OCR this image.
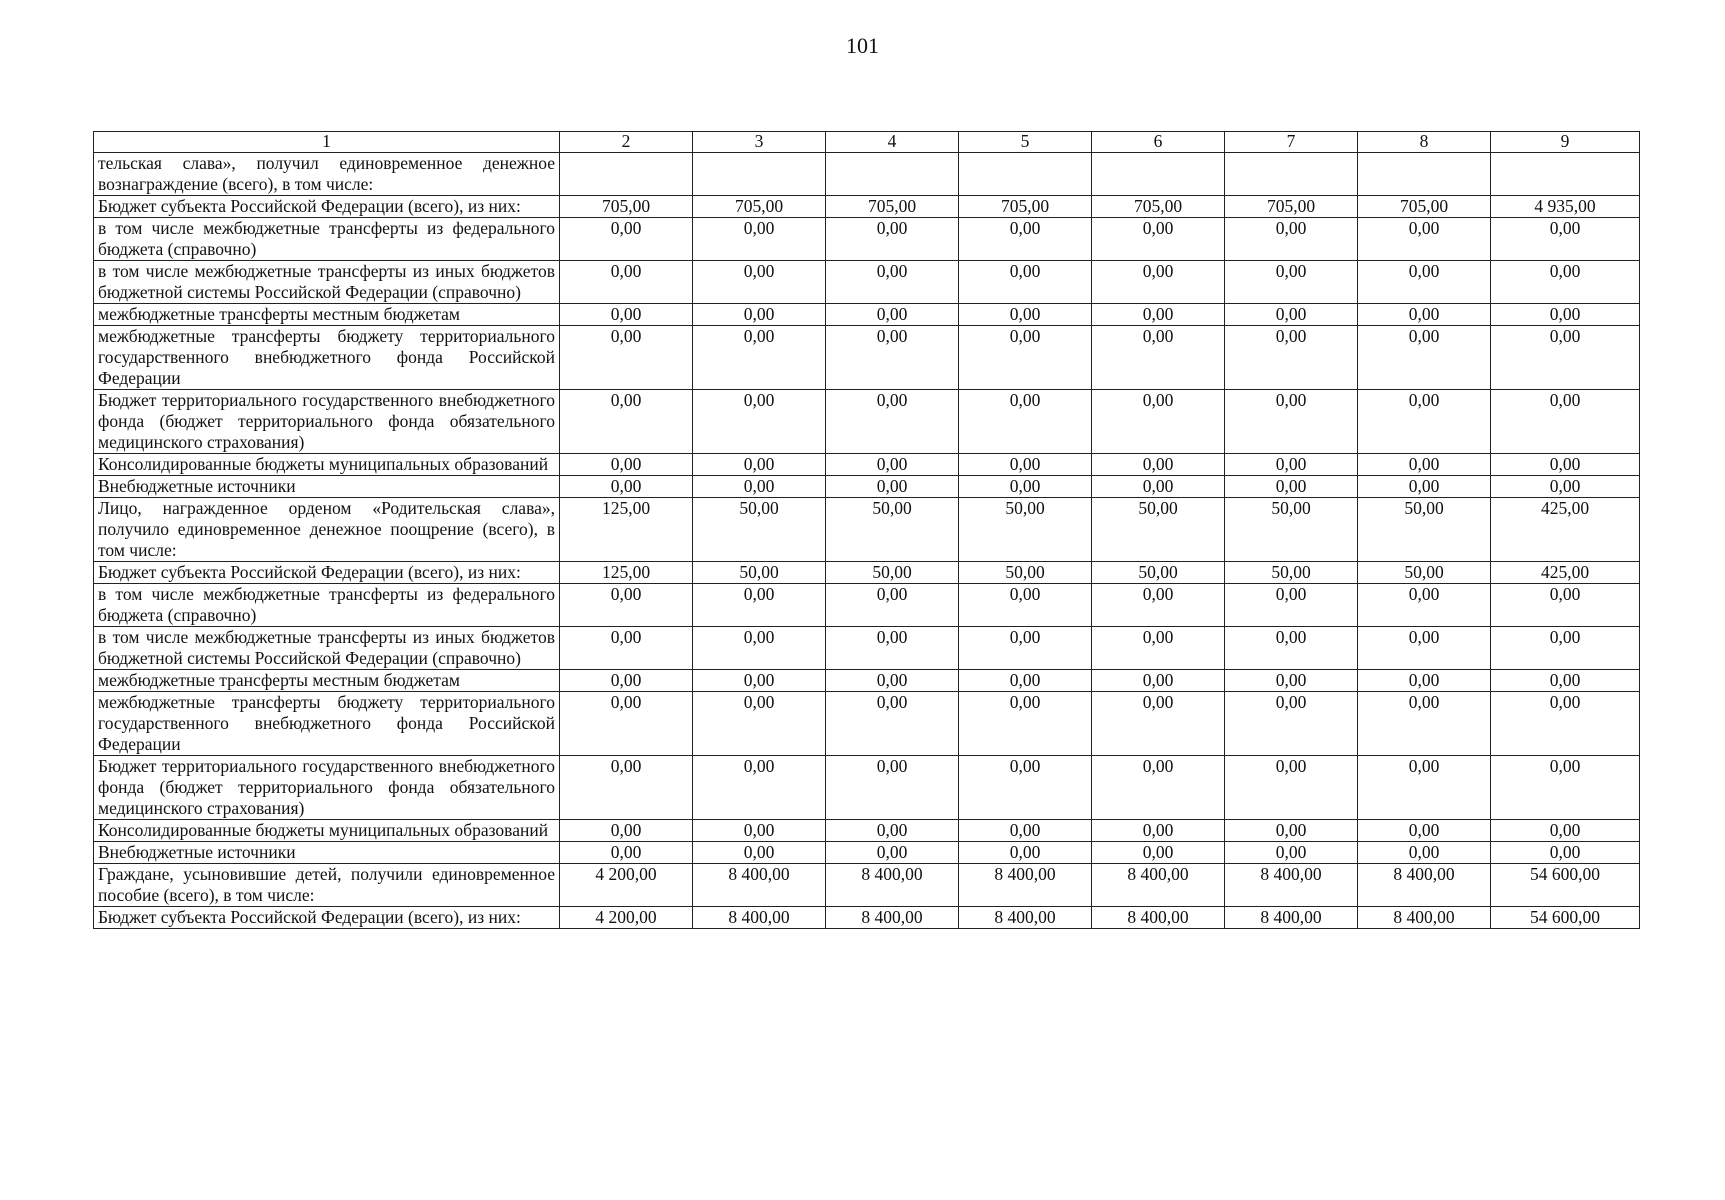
101
1	2	3	4	5	6	7	8	9
тельская слава», получил единовременное денежное вознаграждение (всего), в том числе:								
Бюджет субъекта Российской Федерации (всего), из них:	705,00	705,00	705,00	705,00	705,00	705,00	705,00	4 935,00
в том числе межбюджетные трансферты из федерального бюджета (справочно)	0,00	0,00	0,00	0,00	0,00	0,00	0,00	0,00
в том числе межбюджетные трансферты из иных бюджетов бюджетной системы Российской Федерации (справочно)	0,00	0,00	0,00	0,00	0,00	0,00	0,00	0,00
межбюджетные трансферты местным бюджетам	0,00	0,00	0,00	0,00	0,00	0,00	0,00	0,00
межбюджетные трансферты бюджету территориального государственного внебюджетного фонда Российской Федерации	0,00	0,00	0,00	0,00	0,00	0,00	0,00	0,00
Бюджет территориального государственного внебюджетного фонда (бюджет территориального фонда обязательного медицинского страхования)	0,00	0,00	0,00	0,00	0,00	0,00	0,00	0,00
Консолидированные бюджеты муниципальных образований	0,00	0,00	0,00	0,00	0,00	0,00	0,00	0,00
Внебюджетные источники	0,00	0,00	0,00	0,00	0,00	0,00	0,00	0,00
Лицо, награжденное орденом «Родительская слава», получило единовременное денежное поощрение (всего), в том числе:	125,00	50,00	50,00	50,00	50,00	50,00	50,00	425,00
Бюджет субъекта Российской Федерации (всего), из них:	125,00	50,00	50,00	50,00	50,00	50,00	50,00	425,00
в том числе межбюджетные трансферты из федерального бюджета (справочно)	0,00	0,00	0,00	0,00	0,00	0,00	0,00	0,00
в том числе межбюджетные трансферты из иных бюджетов бюджетной системы Российской Федерации (справочно)	0,00	0,00	0,00	0,00	0,00	0,00	0,00	0,00
межбюджетные трансферты местным бюджетам	0,00	0,00	0,00	0,00	0,00	0,00	0,00	0,00
межбюджетные трансферты бюджету территориального государственного внебюджетного фонда Российской Федерации	0,00	0,00	0,00	0,00	0,00	0,00	0,00	0,00
Бюджет территориального государственного внебюджетного фонда (бюджет территориального фонда обязательного медицинского страхования)	0,00	0,00	0,00	0,00	0,00	0,00	0,00	0,00
Консолидированные бюджеты муниципальных образований	0,00	0,00	0,00	0,00	0,00	0,00	0,00	0,00
Внебюджетные источники	0,00	0,00	0,00	0,00	0,00	0,00	0,00	0,00
Граждане, усыновившие детей, получили единовременное пособие (всего), в том числе:	4 200,00	8 400,00	8 400,00	8 400,00	8 400,00	8 400,00	8 400,00	54 600,00
Бюджет субъекта Российской Федерации (всего), из них:	4 200,00	8 400,00	8 400,00	8 400,00	8 400,00	8 400,00	8 400,00	54 600,00
